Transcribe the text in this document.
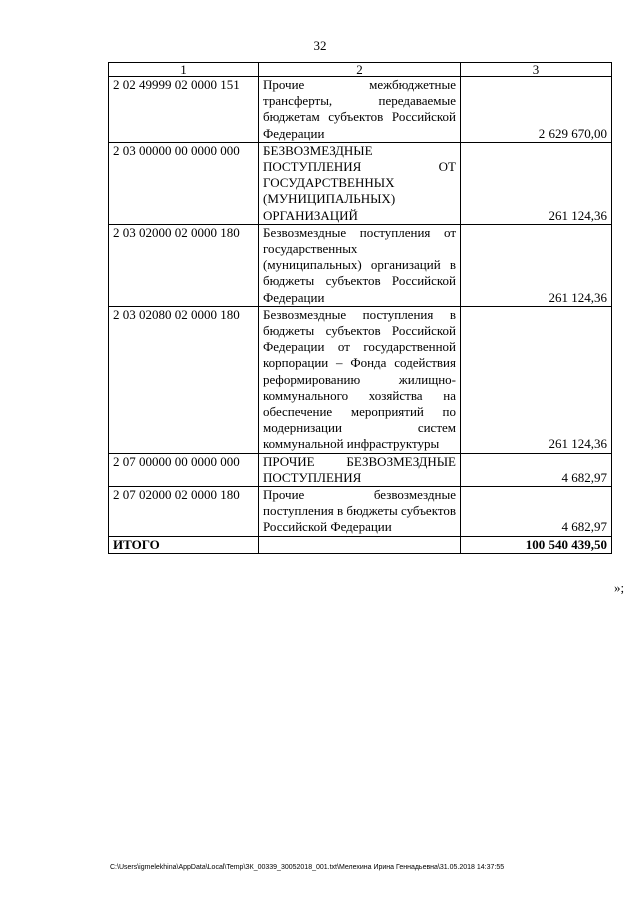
32
1	2	3
2 02 49999 02 0000 151	Прочие межбюджетные трансферты, передаваемые бюджетам субъектов Российской Федерации	2 629 670,00

2 03 00000 00 0000 000	БЕЗВОЗМЕЗДНЫЕ ПОСТУПЛЕНИЯ ОТ ГОСУДАРСТВЕННЫХ (МУНИЦИПАЛЬНЫХ) ОРГАНИЗАЦИЙ	261 124,36

2 03 02000 02 0000 180	Безвозмездные поступления от государственных (муниципальных) организаций в бюджеты субъектов Российской Федерации	261 124,36

2 03 02080 02 0000 180	Безвозмездные поступления в бюджеты субъектов Российской Федерации от государственной корпорации – Фонда содействия реформированию жилищно-коммунального хозяйства на обеспечение мероприятий по модернизации систем коммунальной инфраструктуры	261 124,36

2 07 00000 00 0000 000	ПРОЧИЕ БЕЗВОЗМЕЗДНЫЕ ПОСТУПЛЕНИЯ	4 682,97

2 07 02000 02 0000 180	Прочие безвозмездные поступления в бюджеты субъектов Российской Федерации	4 682,97

ИТОГО		100 540 439,50
»;
C:\Users\igmelekhina\AppData\Local\Temp\ЗК_00339_30052018_001.txt\Мелехина Ирина Геннадьевна\31.05.2018 14:37:55
